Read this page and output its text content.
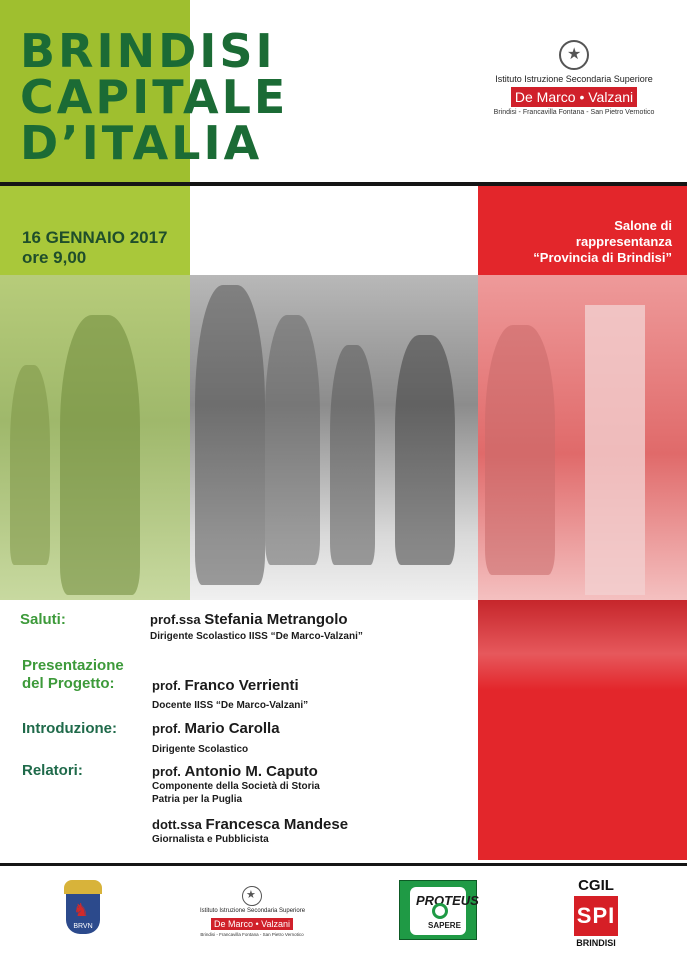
BRINDISI
CAPITALE
D’ITALIA
★
Istituto Istruzione Secondaria Superiore
De Marco • Valzani
Brindisi - Francavilla Fontana - San Pietro Vernotico
16 GENNAIO 2017
ore 9,00
Salone di
rappresentanza
“Provincia di Brindisi”
Saluti:	prof.ssa Stefania Metrangolo
Dirigente Scolastico IISS “De Marco-Valzani”
Presentazione
del Progetto:	prof. Franco Verrienti
Docente IISS “De Marco-Valzani”
Introduzione:	prof. Mario Carolla
Dirigente Scolastico
Relatori:	prof. Antonio M. Caputo
Componente della Società di Storia
Patria per la Puglia
dott.ssa Francesca Mandese
Giornalista e Pubblicista
♞
BRVN
★
Istituto Istruzione Secondaria Superiore
De Marco • Valzani
Brindisi - Francavilla Fontana - San Pietro Vernotico
PROTEUS
SAPERE
CGIL
SPI
BRINDISI
